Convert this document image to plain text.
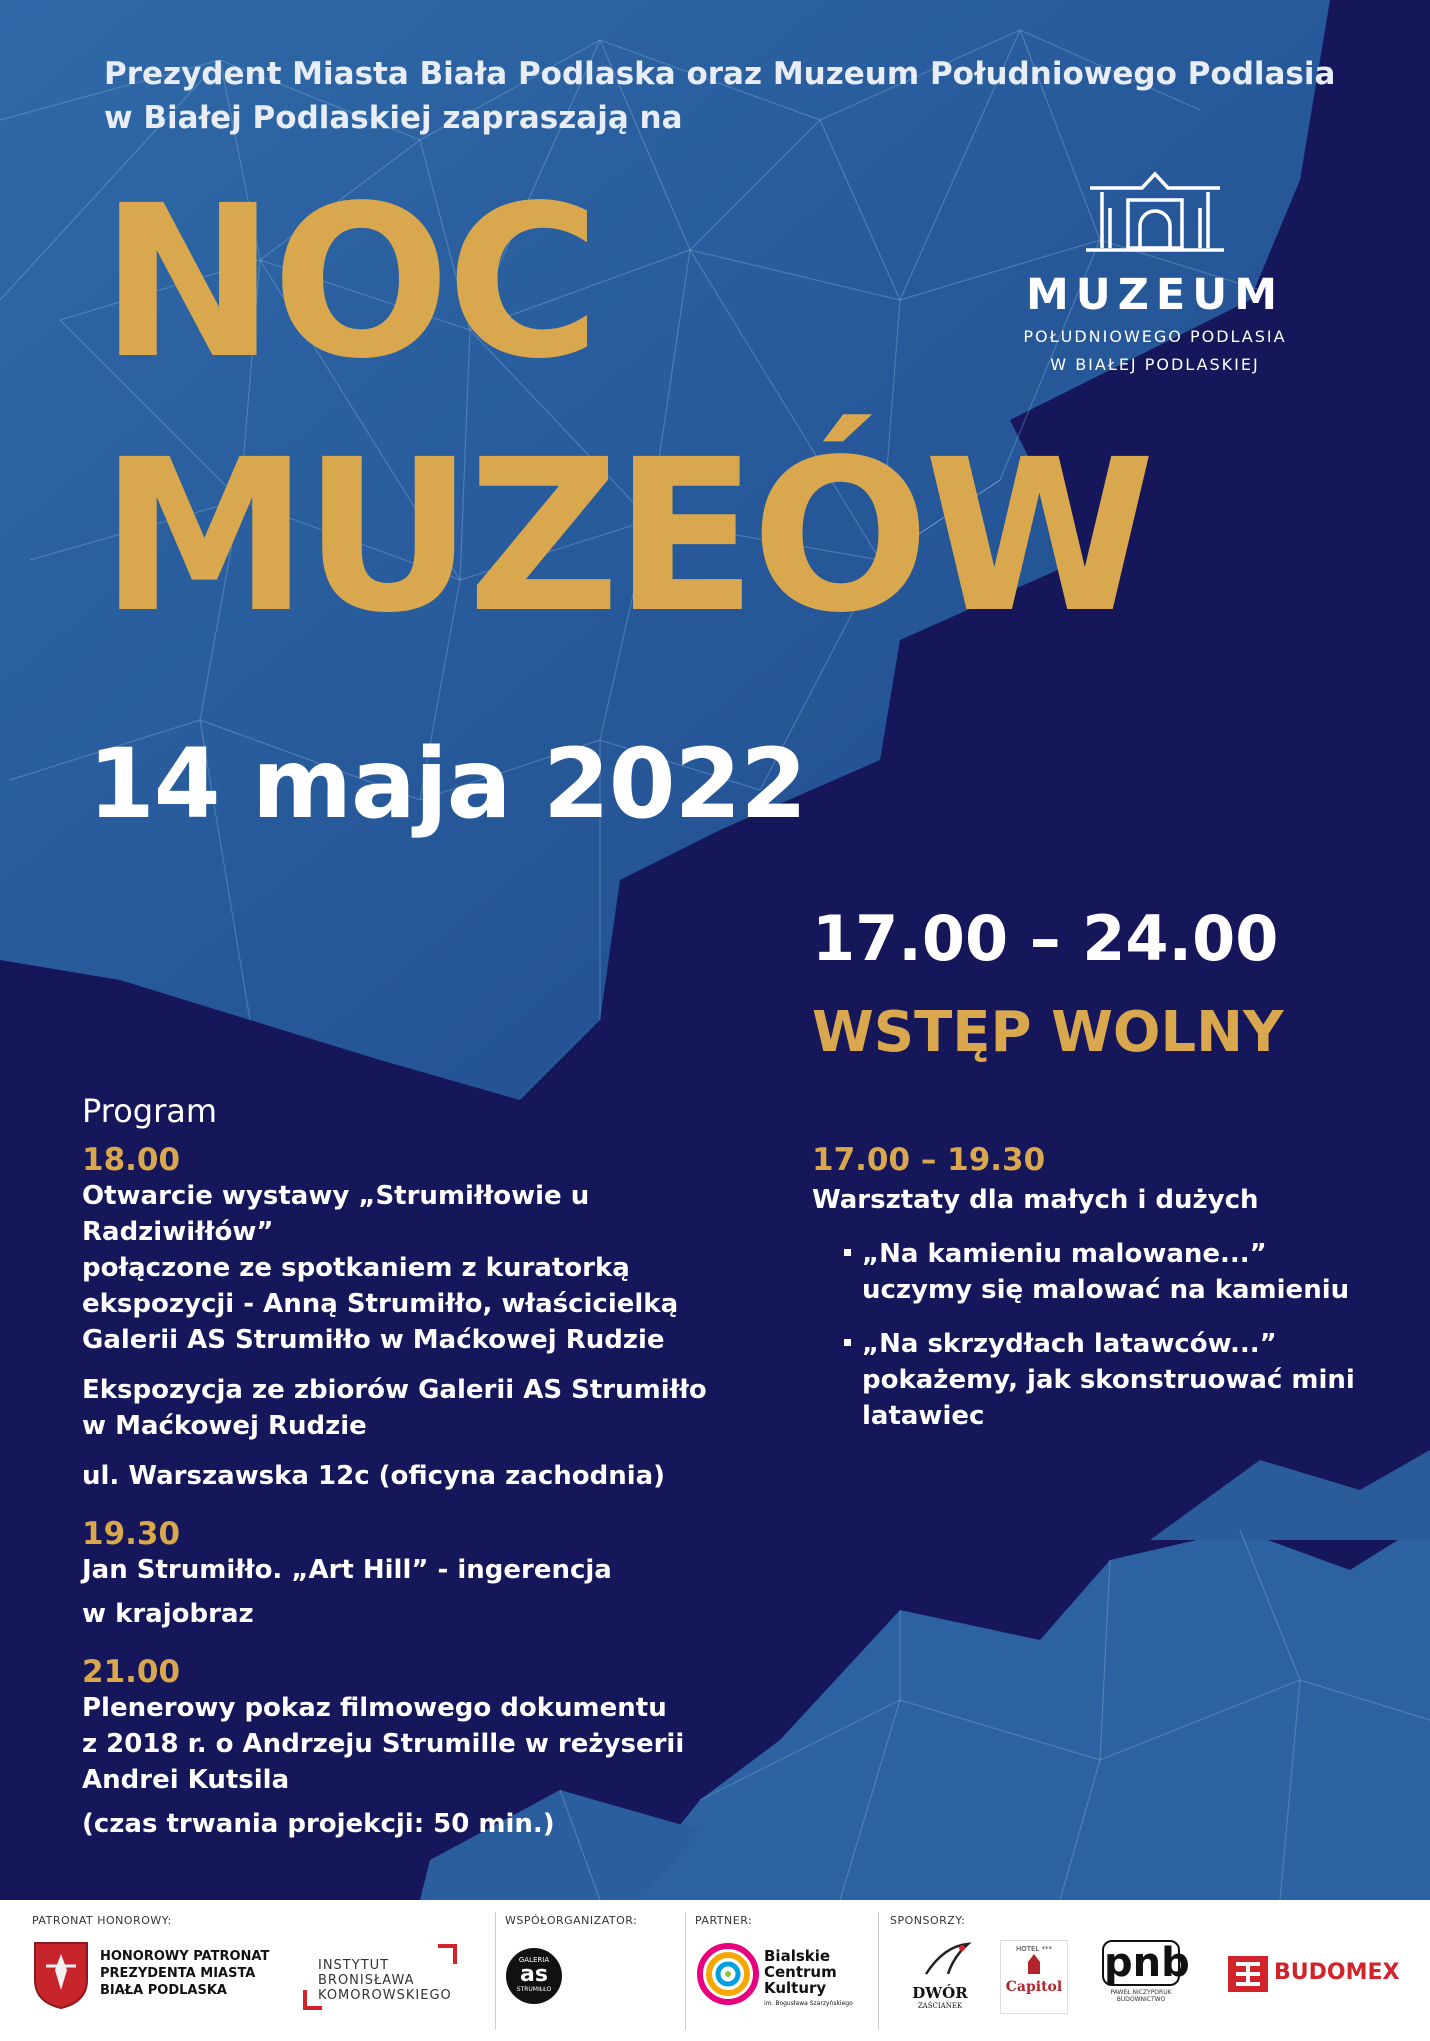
Prezydent Miasta Biała Podlaska oraz Muzeum Południowego Podlasia
w Białej Podlaskiej zapraszają na
NOC
MUZEÓW
MUZEUM
POŁUDNIOWEGO PODLASIA
W BIAŁEJ PODLASKIEJ
14 maja 2022
17.00 – 24.00
WSTĘP WOLNY
Program
18.00
Otwarcie wystawy „Strumiłłowie u Radziwiłłów”
połączone ze spotkaniem z kuratorką
ekspozycji - Anną Strumiłło, właścicielką
Galerii AS Strumiłło w Maćkowej Rudzie
Ekspozycja ze zbiorów Galerii AS Strumiłło
w Maćkowej Rudzie
ul. Warszawska 12c (oficyna zachodnia)
19.30
Jan Strumiłło. „Art Hill” - ingerencja
w krajobraz
21.00
Plenerowy pokaz filmowego dokumentu
z 2018 r. o Andrzeju Strumille w reżyserii
Andrei Kutsila
(czas trwania projekcji: 50 min.)
17.00 – 19.30
Warsztaty dla małych i dużych
„Na kamieniu malowane...”
uczymy się malować na kamieniu
„Na skrzydłach latawców...”
pokażemy, jak skonstruować mini
latawiec
PATRONAT HONOROWY:	WSPÓŁORGANIZATOR:	PARTNER:	SPONSORZY:
HONOROWY PATRONAT
PREZYDENTA MIASTA
BIAŁA PODLASKA
INSTYTUT
BRONISŁAWA
KOMOROWSKIEGO
GALERIA
as
STRUMIŁŁO
Bialskie
Centrum
Kultury
im. Bogusława Szarzyńskiego
DWÓR
ZAŚCIANEK
HOTEL ***
Capitol
pnb
PAWEŁ NICZYPORUK
BUDOWNICTWO
BUDOMEX
